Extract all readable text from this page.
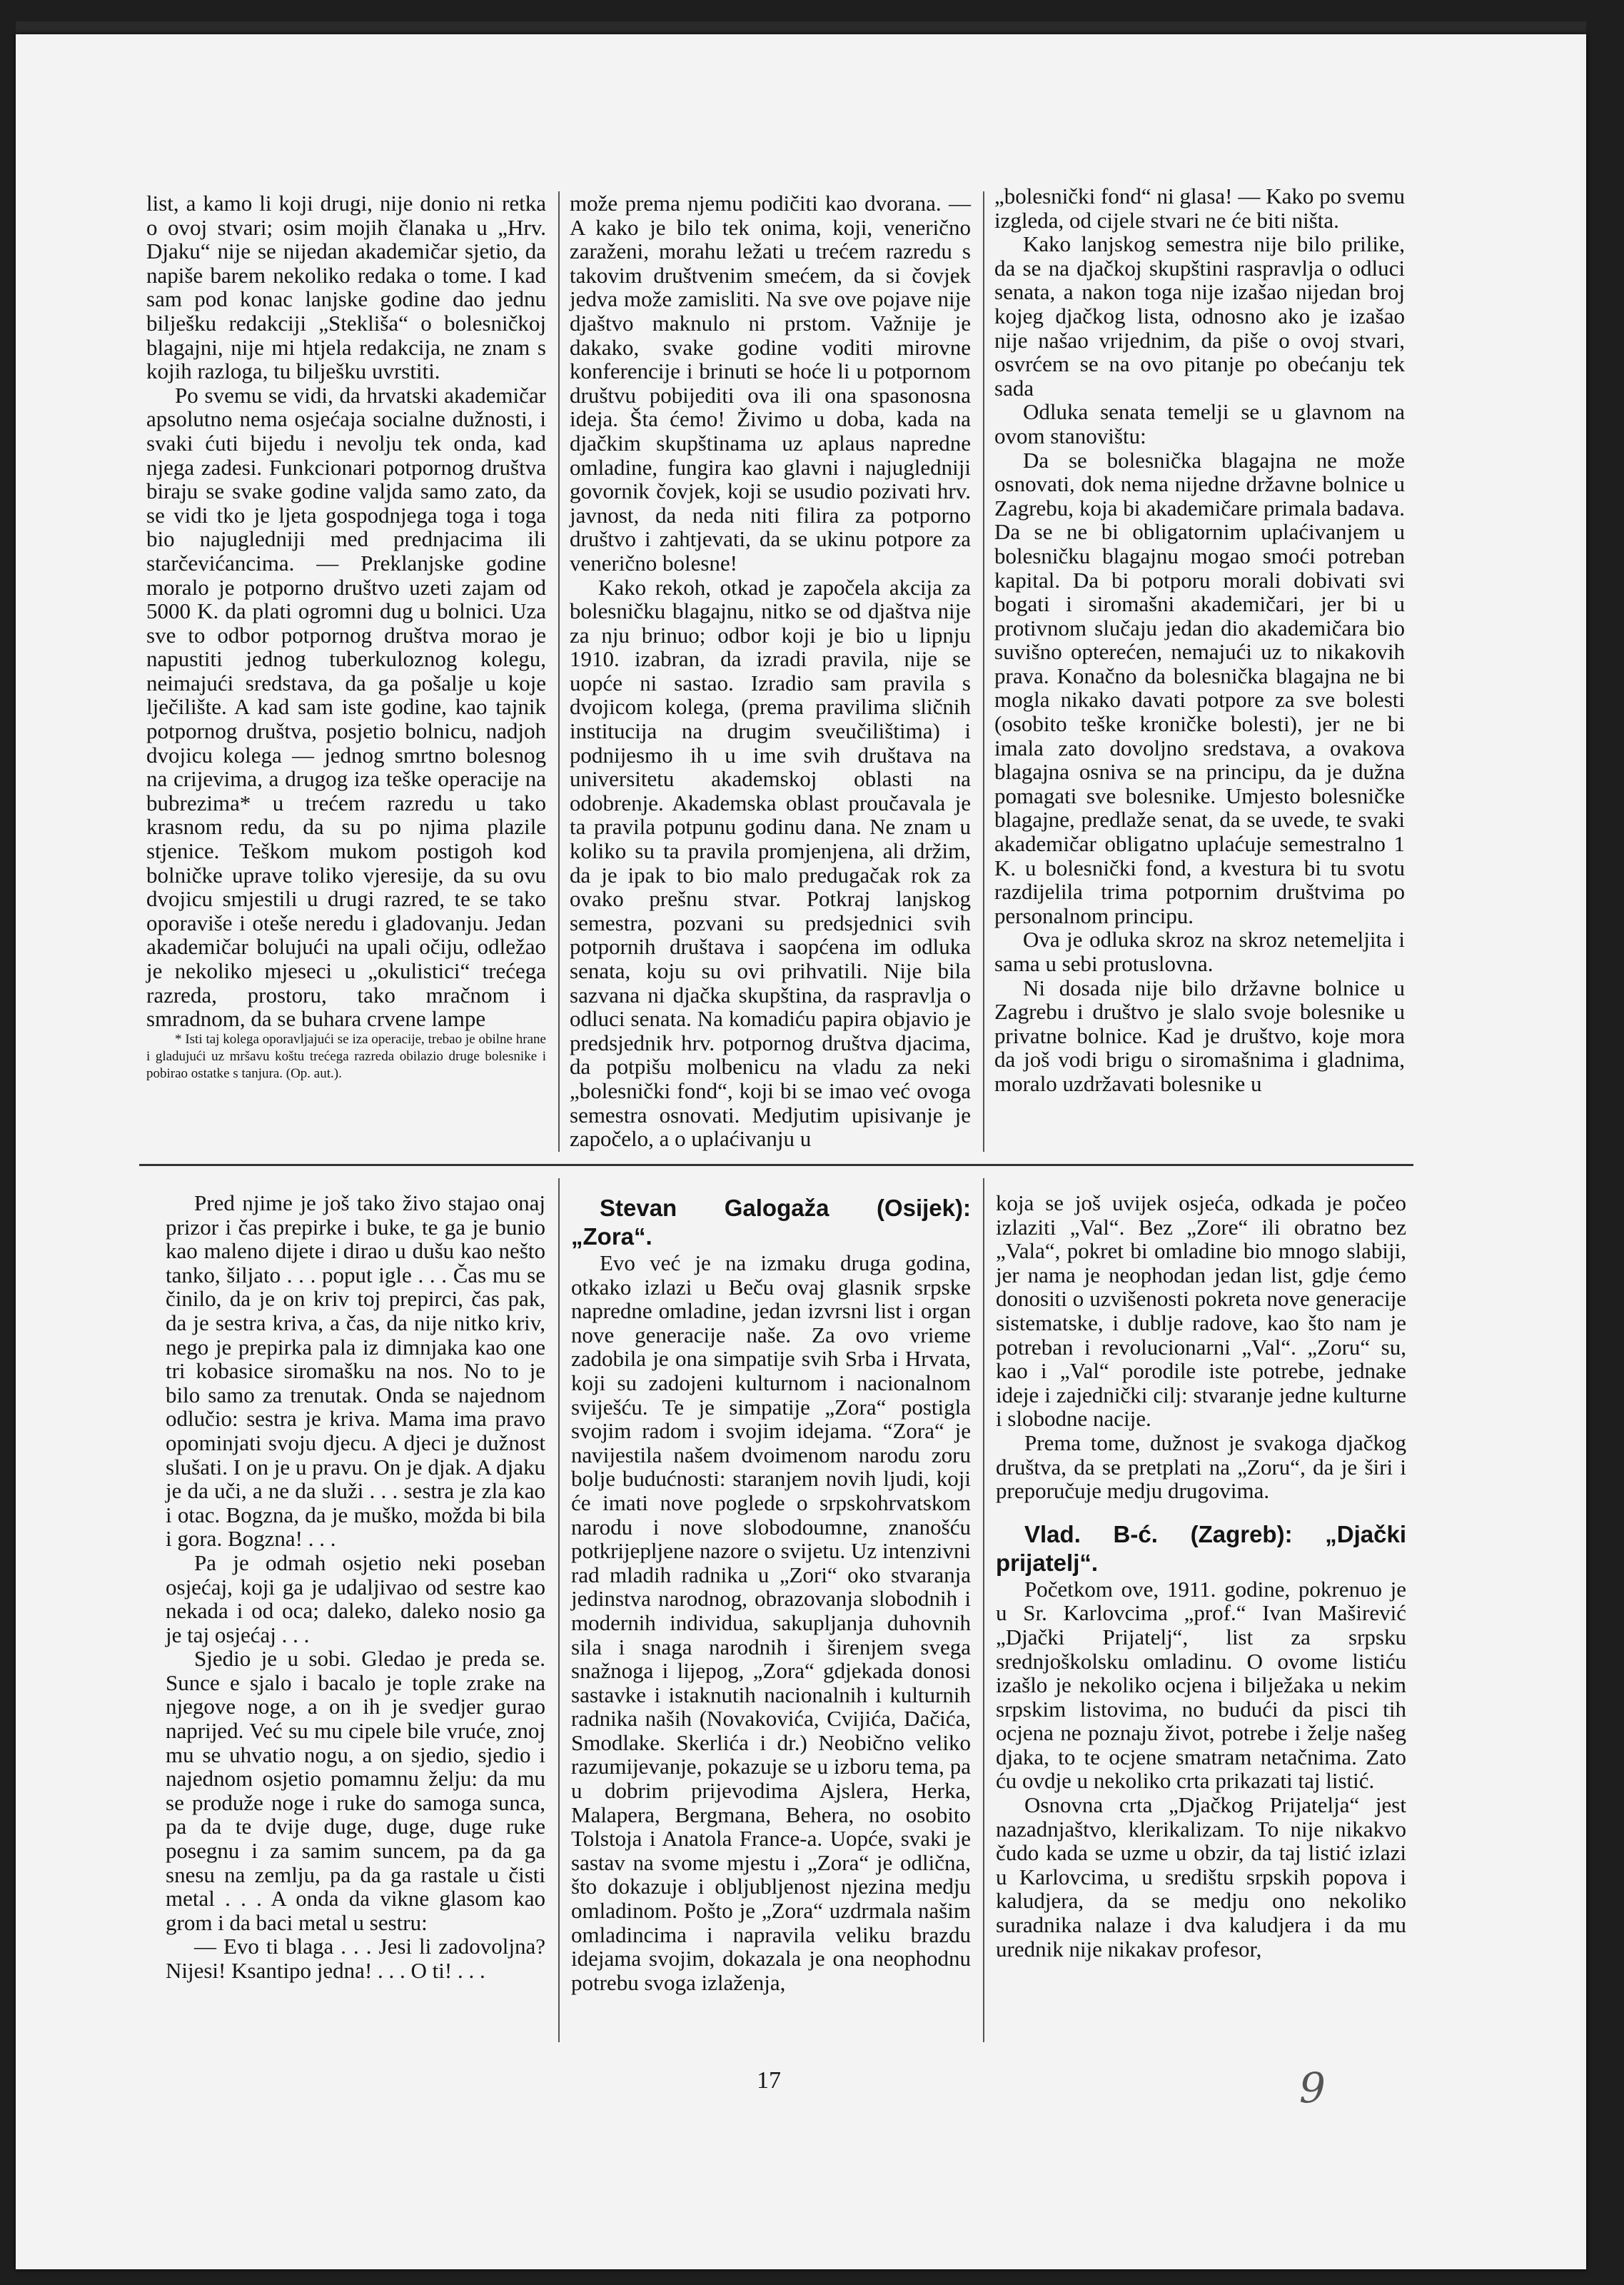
list, a kamo li koji drugi, nije donio ni retka o ovoj stvari; osim mojih članaka u „Hrv. Djaku“ nije se nijedan akademičar sjetio, da napiše barem nekoliko redaka o tome. I kad sam pod konac lanjske godine dao jednu bilješku redakciji „Stekliša“ o bolesničkoj blagajni, nije mi htjela redakcija, ne znam s kojih razloga, tu bilješku uvrstiti.

Po svemu se vidi, da hrvatski akademičar apsolutno nema osjećaja socialne dužnosti, i svaki ćuti bijedu i nevolju tek onda, kad njega zadesi. Funkcionari potpornog društva biraju se svake godine valjda samo zato, da se vidi tko je ljeta gospodnjega toga i toga bio najugledniji med prednjacima ili starčevićancima. — Preklanjske godine moralo je potporno društvo uzeti zajam od 5000 K. da plati ogromni dug u bolnici. Uza sve to odbor potpornog društva morao je napustiti jednog tuberkuloznog kolegu, neimajući sredstava, da ga pošalje u koje lječilište. A kad sam iste godine, kao tajnik potpornog društva, posjetio bolnicu, nadjoh dvojicu kolega — jednog smrtno bolesnog na crijevima, a drugog iza teške operacije na bubrezima* u trećem razredu u tako krasnom redu, da su po njima plazile stjenice. Teškom mukom postigoh kod bolničke uprave toliko vjeresije, da su ovu dvojicu smjestili u drugi razred, te se tako oporaviše i oteše neredu i gladovanju. Jedan akademičar bolujući na upali očiju, odležao je nekoliko mjeseci u „okulistici“ trećega razreda, prostoru, tako mračnom i smradnom, da se buhara crvene lampe

* Isti taj kolega oporavljajući se iza operacije, trebao je obilne hrane i gladujući uz mršavu koštu trećega razreda obilazio druge bolesnike i pobirao ostatke s tanjura. (Op. aut.).

može prema njemu podičiti kao dvorana. — A kako je bilo tek onima, koji, venerično zaraženi, morahu ležati u trećem razredu s takovim društvenim smećem, da si čovjek jedva može zamisliti. Na sve ove pojave nije djaštvo maknulo ni prstom. Važnije je dakako, svake godine voditi mirovne konferencije i brinuti se hoće li u potpornom društvu pobijediti ova ili ona spasonosna ideja. Šta ćemo! Živimo u doba, kada na djačkim skupštinama uz aplaus napredne omladine, fungira kao glavni i najugledniji govornik čovjek, koji se usudio pozivati hrv. javnost, da neda niti filira za potporno društvo i zahtjevati, da se ukinu potpore za venerično bolesne!

Kako rekoh, otkad je započela akcija za bolesničku blagajnu, nitko se od djaštva nije za nju brinuo; odbor koji je bio u lipnju 1910. izabran, da izradi pravila, nije se uopće ni sastao. Izradio sam pravila s dvojicom kolega, (prema pravilima sličnih institucija na drugim sveučilištima) i podnijesmo ih u ime svih društava na universitetu akademskoj oblasti na odobrenje. Akademska oblast proučavala je ta pravila potpunu godinu dana. Ne znam u koliko su ta pravila promjenjena, ali držim, da je ipak to bio malo predugačak rok za ovako prešnu stvar. Potkraj lanjskog semestra, pozvani su predsjednici svih potpornih društava i saopćena im odluka senata, koju su ovi prihvatili. Nije bila sazvana ni djačka skupština, da raspravlja o odluci senata. Na komadiću papira objavio je predsjednik hrv. potpornog društva djacima, da potpišu molbenicu na vladu za neki „bolesnički fond“, koji bi se imao već ovoga semestra osnovati. Medjutim upisivanje je započelo, a o uplaćivanju u

„bolesnički fond“ ni glasa! — Kako po svemu izgleda, od cijele stvari ne će biti ništa.

Kako lanjskog semestra nije bilo prilike, da se na djačkoj skupštini raspravlja o odluci senata, a nakon toga nije izašao nijedan broj kojeg djačkog lista, odnosno ako je izašao nije našao vrijednim, da piše o ovoj stvari, osvrćem se na ovo pitanje po obećanju tek sada

Odluka senata temelji se u glavnom na ovom stanovištu:

Da se bolesnička blagajna ne može osnovati, dok nema nijedne državne bolnice u Zagrebu, koja bi akademičare primala badava. Da se ne bi obligatornim uplaćivanjem u bolesničku blagajnu mogao smoći potreban kapital. Da bi potporu morali dobivati svi bogati i siromašni akademičari, jer bi u protivnom slučaju jedan dio akademičara bio suvišno opterećen, nemajući uz to nikakovih prava. Konačno da bolesnička blagajna ne bi mogla nikako davati potpore za sve bolesti (osobito teške kroničke bolesti), jer ne bi imala zato dovoljno sredstava, a ovakova blagajna osniva se na principu, da je dužna pomagati sve bolesnike. Umjesto bolesničke blagajne, predlaže senat, da se uvede, te svaki akademičar obligatno uplaćuje semestralno 1 K. u bolesnički fond, a kvestura bi tu svotu razdijelila trima potpornim društvima po personalnom principu.

Ova je odluka skroz na skroz netemeljita i sama u sebi protuslovna.

Ni dosada nije bilo državne bolnice u Zagrebu i društvo je slalo svoje bolesnike u privatne bolnice. Kad je društvo, koje mora da još vodi brigu o siromašnima i gladnima, moralo uzdržavati bolesnike u

Pred njime je još tako živo stajao onaj prizor i čas prepirke i buke, te ga je bunio kao maleno dijete i dirao u dušu kao nešto tanko, šiljato . . . poput igle . . . Čas mu se činilo, da je on kriv toj prepirci, čas pak, da je sestra kriva, a čas, da nije nitko kriv, nego je prepirka pala iz dimnjaka kao one tri kobasice siromašku na nos. No to je bilo samo za trenutak. Onda se najednom odlučio: sestra je kriva. Mama ima pravo opominjati svoju djecu. A djeci je dužnost slušati. I on je u pravu. On je djak. A djaku je da uči, a ne da služi . . . sestra je zla kao i otac. Bogzna, da je muško, možda bi bila i gora. Bogzna! . . .

Pa je odmah osjetio neki poseban osjećaj, koji ga je udaljivao od sestre kao nekada i od oca; daleko, daleko nosio ga je taj osjećaj . . .

Sjedio je u sobi. Gledao je preda se. Sunce e sjalo i bacalo je tople zrake na njegove noge, a on ih je svedjer gurao naprijed. Već su mu cipele bile vruće, znoj mu se uhvatio nogu, a on sjedio, sjedio i najednom osjetio pomamnu želju: da mu se produže noge i ruke do samoga sunca, pa da te dvije duge, duge, duge ruke posegnu i za samim suncem, pa da ga snesu na zemlju, pa da ga rastale u čisti metal . . . A onda da vikne glasom kao grom i da baci metal u sestru:

— Evo ti blaga . . . Jesi li zadovoljna? Nijesi! Ksantipo jedna! . . . O ti! . . .

Stevan Galogaža (Osijek): „Zora“.

Evo već je na izmaku druga godina, otkako izlazi u Beču ovaj glasnik srpske napredne omladine, jedan izvrsni list i organ nove generacije naše. Za ovo vrieme zadobila je ona simpatije svih Srba i Hrvata, koji su zadojeni kulturnom i nacionalnom sviješću. Te je simpatije „Zora“ postigla svojim radom i svojim idejama. “Zora“ je navijestila našem dvoimenom narodu zoru bolje budućnosti: staranjem novih ljudi, koji će imati nove poglede o srpskohrvatskom narodu i nove slobodoumne, znanošću potkrijepljene nazore o svijetu. Uz intenzivni rad mladih radnika u „Zori“ oko stvaranja jedinstva narodnog, obrazovanja slobodnih i modernih individua, sakupljanja duhovnih sila i snaga narodnih i širenjem svega snažnoga i lijepog, „Zora“ gdjekada donosi sastavke i istaknutih nacionalnih i kulturnih radnika naših (Novakovića, Cvijića, Dačića, Smodlake. Skerlića i dr.) Neobično veliko razumijevanje, pokazuje se u izboru tema, pa u dobrim prijevodima Ajslera, Herka, Malapera, Bergmana, Behera, no osobito Tolstoja i Anatola France-a. Uopće, svaki je sastav na svome mjestu i „Zora“ je odlična, što dokazuje i obljubljenost njezina medju omladinom. Pošto je „Zora“ uzdrmala našim omladincima i napravila veliku brazdu idejama svojim, dokazala je ona neophodnu potrebu svoga izlaženja,

koja se još uvijek osjeća, odkada je počeo izlaziti „Val“. Bez „Zore“ ili obratno bez „Vala“, pokret bi omladine bio mnogo slabiji, jer nama je neophodan jedan list, gdje ćemo donositi o uzvišenosti pokreta nove generacije sistematske, i dublje radove, kao što nam je potreban i revolucionarni „Val“. „Zoru“ su, kao i „Val“ porodile iste potrebe, jednake ideje i zajednički cilj: stvaranje jedne kulturne i slobodne nacije.

Prema tome, dužnost je svakoga djačkog društva, da se pretplati na „Zoru“, da je širi i preporučuje medju drugovima.

Vlad. B-ć. (Zagreb): „Djački prijatelj“.

Početkom ove, 1911. godine, pokrenuo je u Sr. Karlovcima „prof.“ Ivan Maširević „Djački Prijatelj“, list za srpsku srednjoškolsku omladinu. O ovome listiću izašlo je nekoliko ocjena i bilježaka u nekim srpskim listovima, no budući da pisci tih ocjena ne poznaju život, potrebe i želje našeg djaka, to te ocjene smatram netačnima. Zato ću ovdje u nekoliko crta prikazati taj listić.

Osnovna crta „Djačkog Prijatelja“ jest nazadnjaštvo, klerikalizam. To nije nikakvo čudo kada se uzme u obzir, da taj listić izlazi u Karlovcima, u središtu srpskih popova i kaludjera, da se medju ono nekoliko suradnika nalaze i dva kaludjera i da mu urednik nije nikakav profesor,

17	9
